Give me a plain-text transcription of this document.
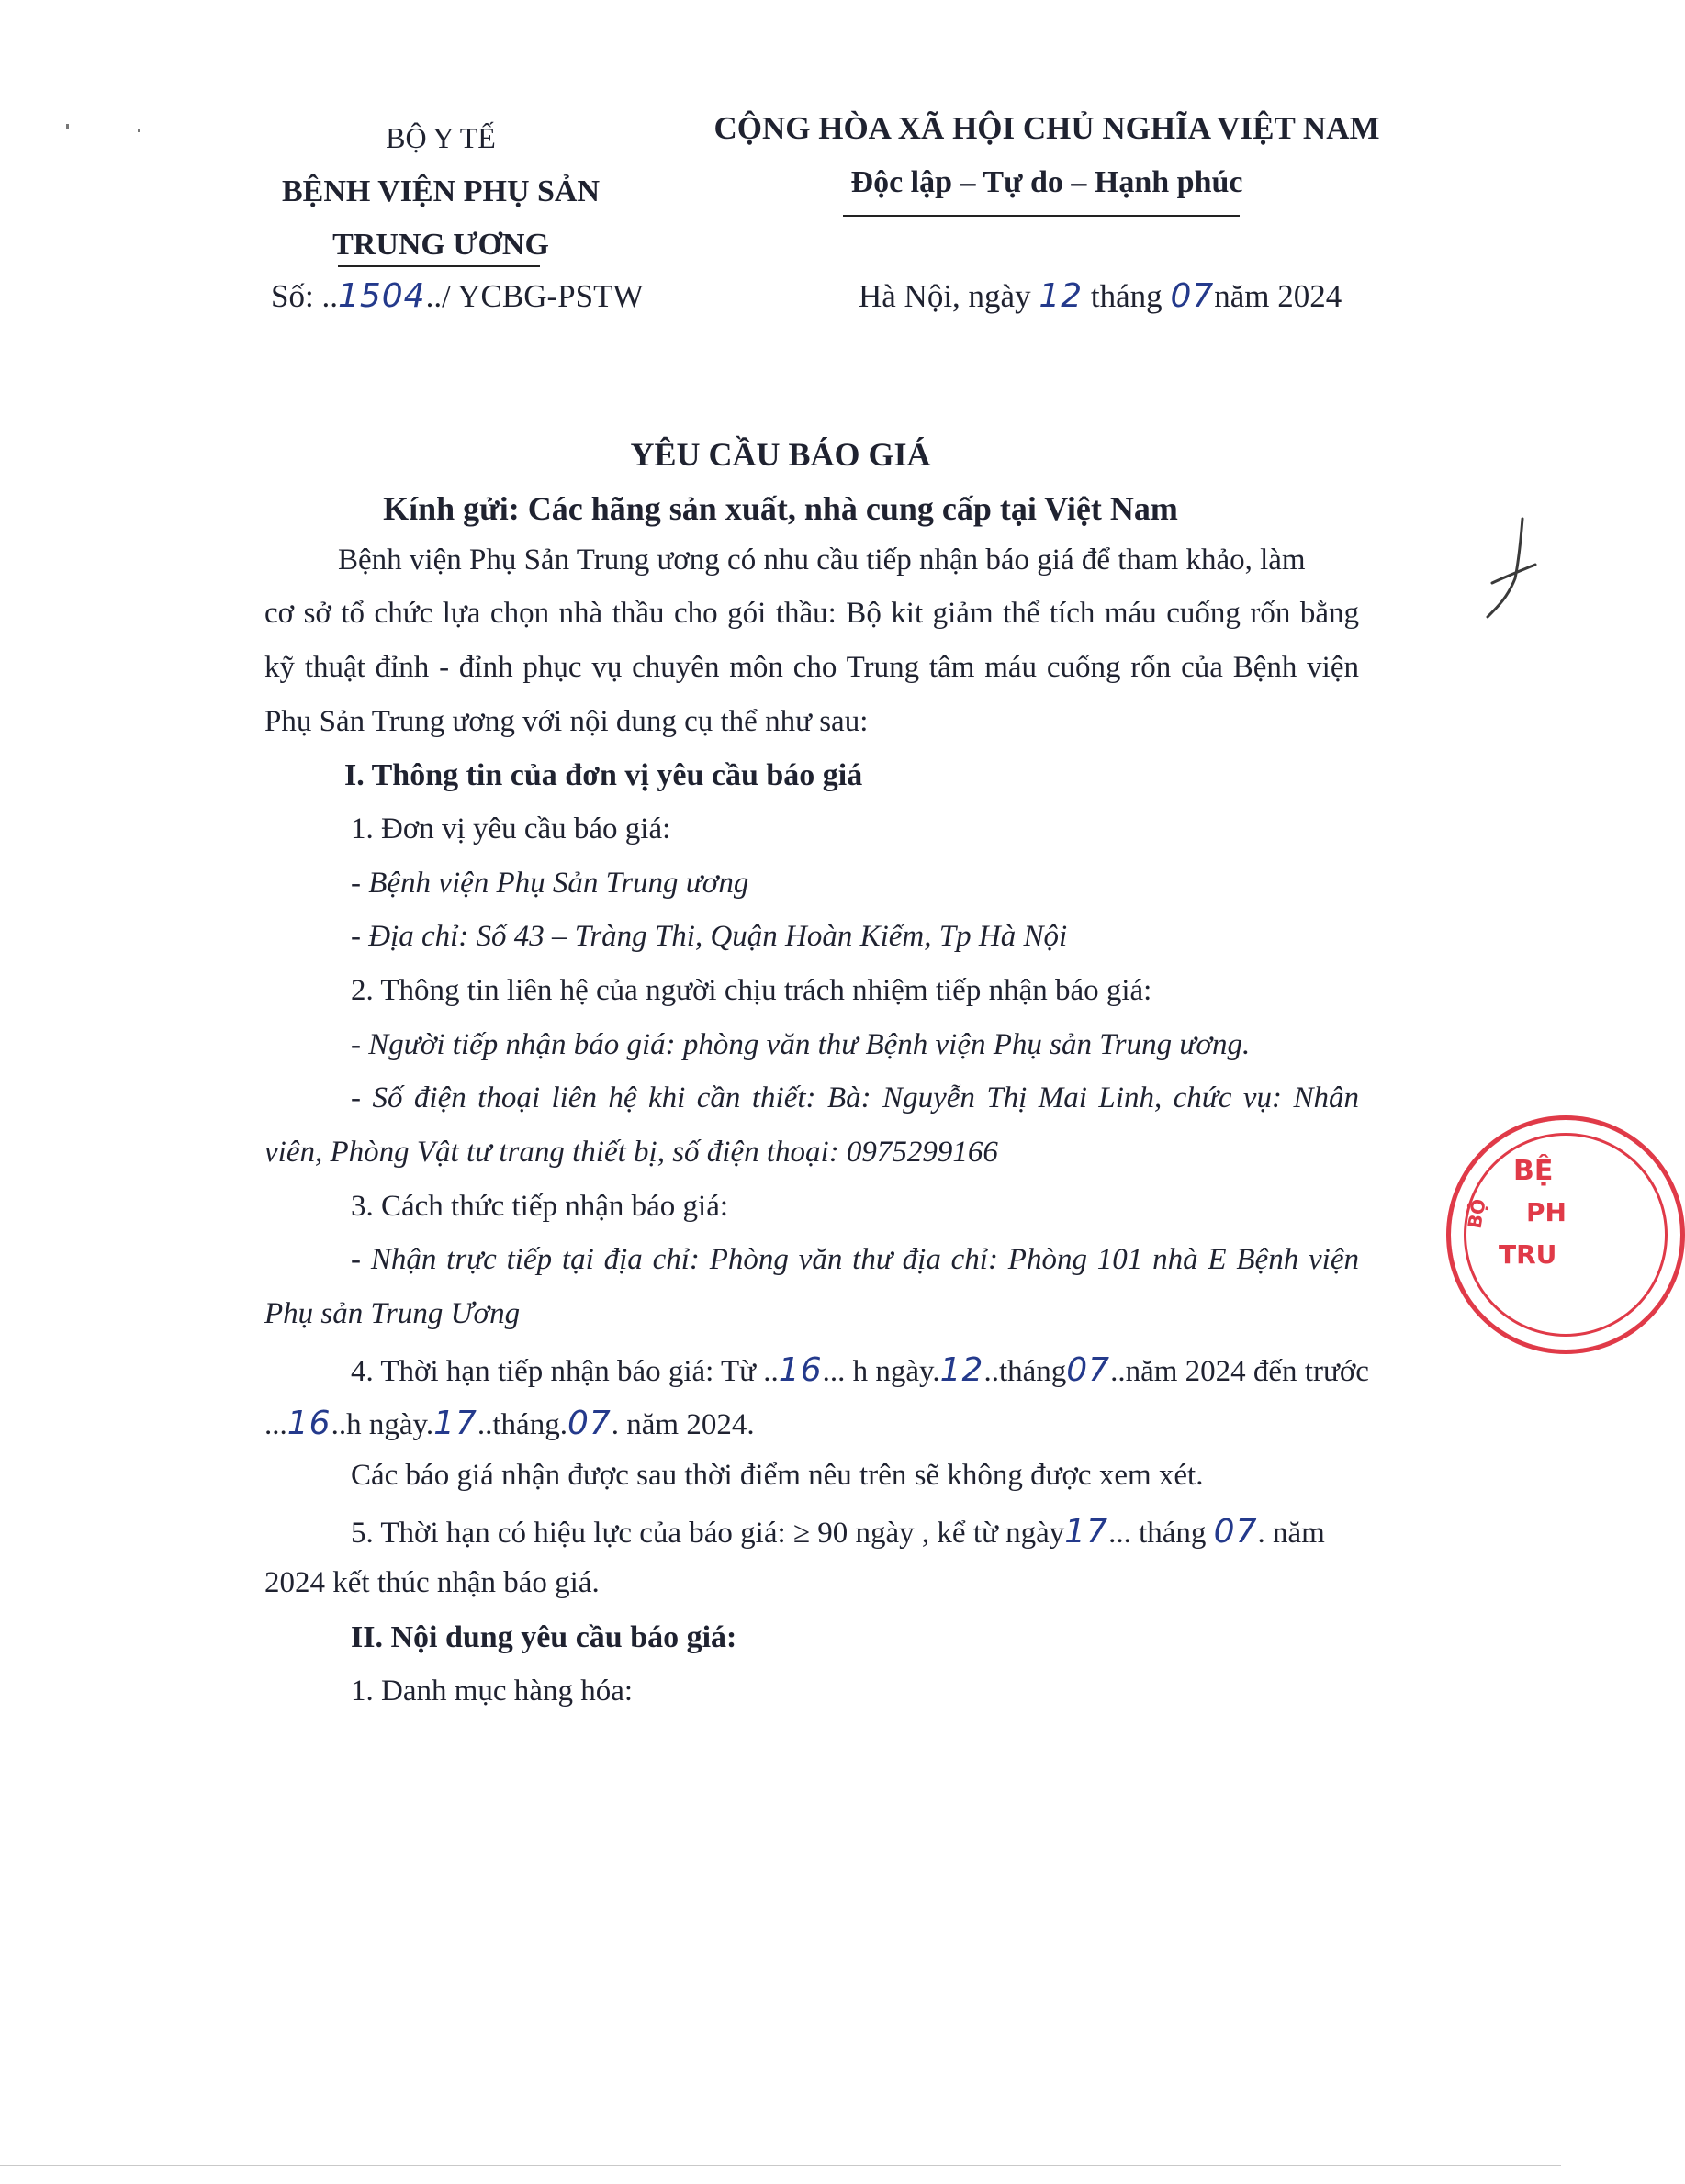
BỘ Y TẾ
BỆNH VIỆN PHỤ SẢN
TRUNG ƯƠNG
Số: ..1504../ YCBG-PSTW
CỘNG HÒA XÃ HỘI CHỦ NGHĨA VIỆT NAM
Độc lập – Tự do – Hạnh phúc
Hà Nội, ngày 12 tháng 07năm 2024
YÊU CẦU BÁO GIÁ
Kính gửi: Các hãng sản xuất, nhà cung cấp tại Việt Nam
Bệnh viện Phụ Sản Trung ương có nhu cầu tiếp nhận báo giá để tham khảo, làm
cơ sở tổ chức lựa chọn nhà thầu cho gói thầu: Bộ kit giảm thể tích máu cuống rốn bằng
kỹ thuật đỉnh - đỉnh phục vụ chuyên môn cho Trung tâm máu cuống rốn của Bệnh viện
Phụ Sản Trung ương với nội dung cụ thể như sau:
I. Thông tin của đơn vị yêu cầu báo giá
1. Đơn vị yêu cầu báo giá:
- Bệnh viện Phụ Sản Trung ương
- Địa chỉ: Số 43 – Tràng Thi, Quận Hoàn Kiếm, Tp Hà Nội
2. Thông tin liên hệ của người chịu trách nhiệm tiếp nhận báo giá:
- Người tiếp nhận báo giá: phòng văn thư Bệnh viện Phụ sản Trung ương.
- Số điện thoại liên hệ khi cần thiết: Bà: Nguyễn Thị Mai Linh, chức vụ: Nhân
viên, Phòng Vật tư trang thiết bị, số điện thoại: 0975299166
3. Cách thức tiếp nhận báo giá:
- Nhận trực tiếp tại địa chỉ: Phòng văn thư địa chỉ: Phòng 101 nhà E Bệnh viện
Phụ sản Trung Ương
4. Thời hạn tiếp nhận báo giá: Từ ..16... h ngày.12..tháng07..năm 2024 đến trước
...16..h ngày.17..tháng.07. năm 2024.
Các báo giá nhận được sau thời điểm nêu trên sẽ không được xem xét.
5. Thời hạn có hiệu lực của báo giá: ≥ 90 ngày , kể từ ngày17... tháng 07. năm
2024 kết thúc nhận báo giá.
II. Nội dung yêu cầu báo giá:
1. Danh mục hàng hóa:
BỆ
PH
TRU
BỘ
